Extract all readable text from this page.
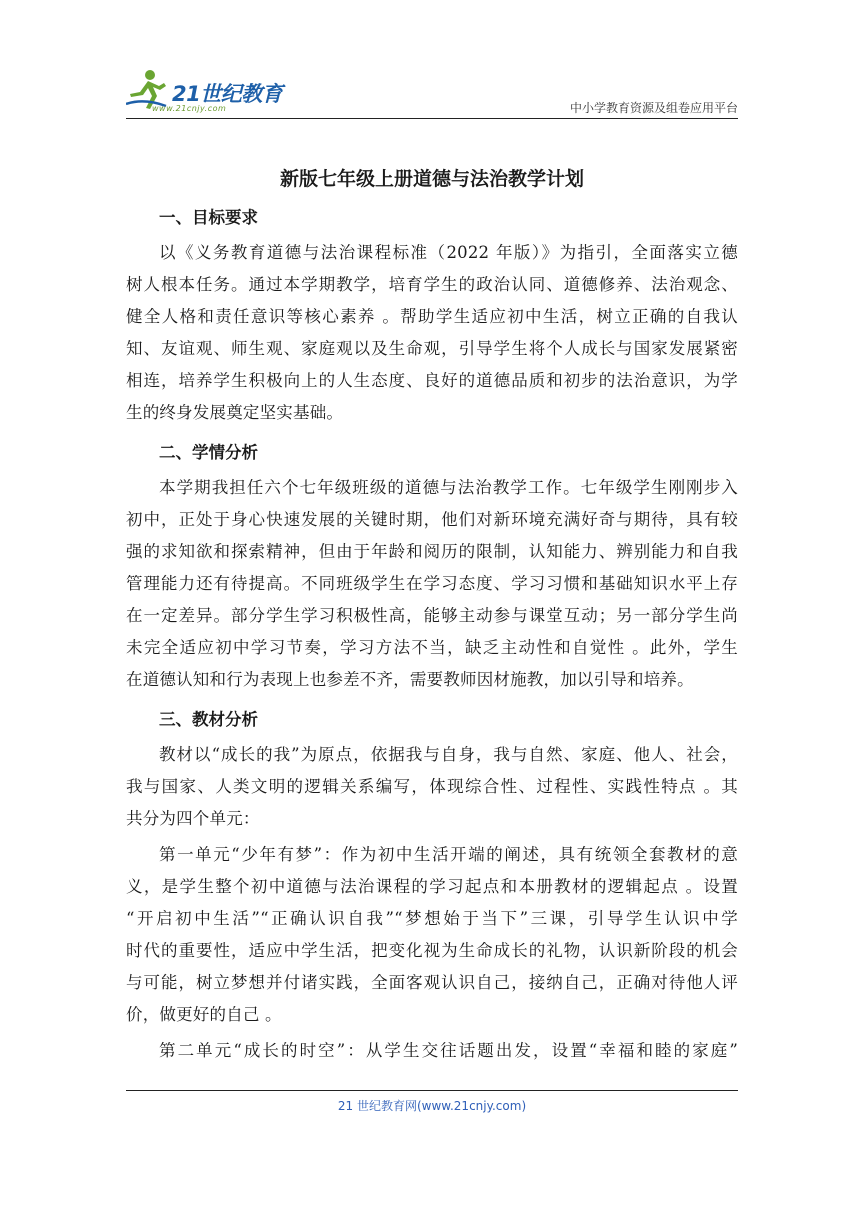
21世纪教育
www.21cnjy.com	中小学教育资源及组卷应用平台
新版七年级上册道德与法治教学计划
一、目标要求

以《义务教育道德与法治课程标准（2022 年版）》为指引，全面落实立德

树人根本任务。通过本学期教学，培育学生的政治认同、道德修养、法治观念、

健全人格和责任意识等核心素养 。帮助学生适应初中生活，树立正确的自我认

知、友谊观、师生观、家庭观以及生命观，引导学生将个人成长与国家发展紧密

相连，培养学生积极向上的人生态度、良好的道德品质和初步的法治意识，为学

生的终身发展奠定坚实基础。

二、学情分析

本学期我担任六个七年级班级的道德与法治教学工作。七年级学生刚刚步入

初中，正处于身心快速发展的关键时期，他们对新环境充满好奇与期待，具有较

强的求知欲和探索精神，但由于年龄和阅历的限制，认知能力、辨别能力和自我

管理能力还有待提高。不同班级学生在学习态度、学习习惯和基础知识水平上存

在一定差异。部分学生学习积极性高，能够主动参与课堂互动；另一部分学生尚

未完全适应初中学习节奏，学习方法不当，缺乏主动性和自觉性 。此外，学生

在道德认知和行为表现上也参差不齐，需要教师因材施教，加以引导和培养。

三、教材分析

教材以“成长的我”为原点，依据我与自身，我与自然、家庭、他人、社会，

我与国家、人类文明的逻辑关系编写，体现综合性、过程性、实践性特点 。其

共分为四个单元：

第一单元“少年有梦”：作为初中生活开端的阐述，具有统领全套教材的意

义，是学生整个初中道德与法治课程的学习起点和本册教材的逻辑起点 。设置

“开启初中生活”“正确认识自我”“梦想始于当下”三课，引导学生认识中学

时代的重要性，适应中学生活，把变化视为生命成长的礼物，认识新阶段的机会

与可能，树立梦想并付诸实践，全面客观认识自己，接纳自己，正确对待他人评

价，做更好的自己 。

第二单元“成长的时空”：从学生交往话题出发，设置“幸福和睦的家庭”

21 世纪教育网(www.21cnjy.com)
